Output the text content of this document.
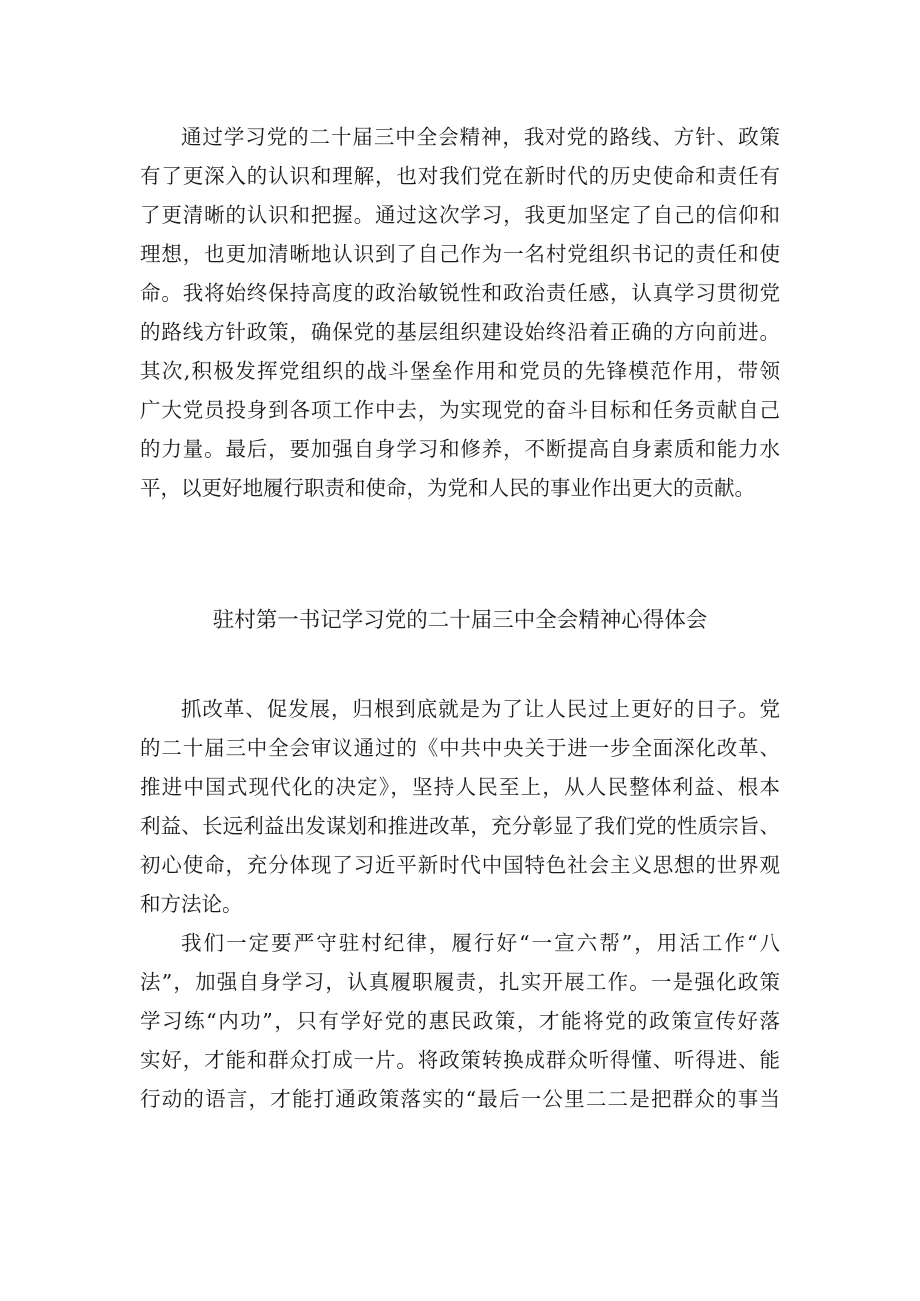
通过学习党的二十届三中全会精神，我对党的路线、方针、政策
有了更深入的认识和理解，也对我们党在新时代的历史使命和责任有
了更清晰的认识和把握。通过这次学习，我更加坚定了自己的信仰和
理想，也更加清晰地认识到了自己作为一名村党组织书记的责任和使
命。我将始终保持高度的政治敏锐性和政治责任感，认真学习贯彻党
的路线方针政策，确保党的基层组织建设始终沿着正确的方向前进。
其次,积极发挥党组织的战斗堡垒作用和党员的先锋模范作用，带领
广大党员投身到各项工作中去，为实现党的奋斗目标和任务贡献自己
的力量。最后，要加强自身学习和修养，不断提高自身素质和能力水
平，以更好地履行职责和使命，为党和人民的事业作出更大的贡献。
驻村第一书记学习党的二十届三中全会精神心得体会
抓改革、促发展，归根到底就是为了让人民过上更好的日子。党
的二十届三中全会审议通过的《中共中央关于进一步全面深化改革、
推进中国式现代化的决定》，坚持人民至上，从人民整体利益、根本
利益、长远利益出发谋划和推进改革，充分彰显了我们党的性质宗旨、
初心使命，充分体现了习近平新时代中国特色社会主义思想的世界观
和方法论。
我们一定要严守驻村纪律，履行好“一宣六帮”，用活工作“八
法”，加强自身学习，认真履职履责，扎实开展工作。一是强化政策
学习练“内功”，只有学好党的惠民政策，才能将党的政策宣传好落
实好，才能和群众打成一片。将政策转换成群众听得懂、听得进、能
行动的语言，才能打通政策落实的“最后一公里二二是把群众的事当
